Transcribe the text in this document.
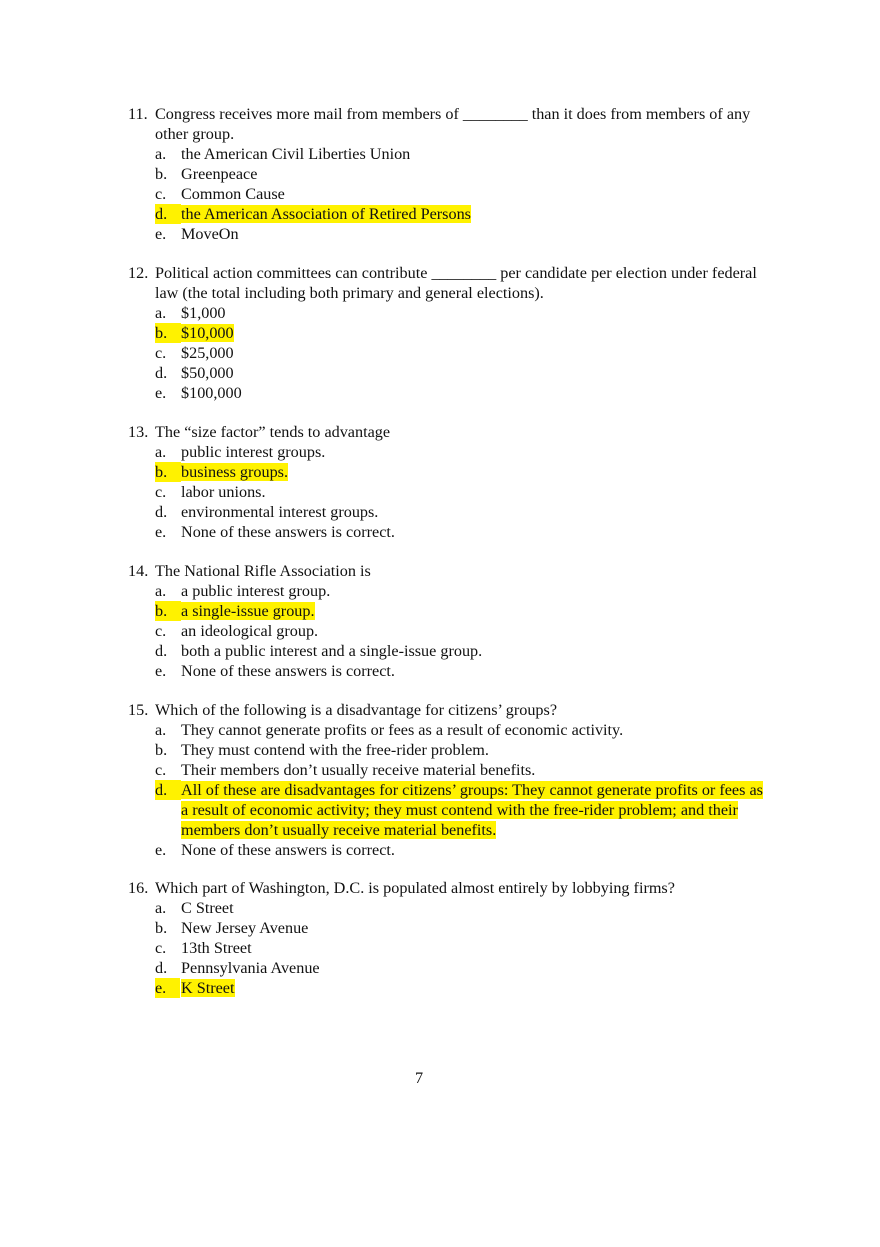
11. Congress receives more mail from members of ________ than it does from members of any other group.

a. the American Civil Liberties Union
b. Greenpeace
c. Common Cause
d. the American Association of Retired Persons
e. MoveOn

12. Political action committees can contribute ________ per candidate per election under federal law (the total including both primary and general elections).

a. $1,000
b. $10,000
c. $25,000
d. $50,000
e. $100,000

13. The “size factor” tends to advantage

a. public interest groups.
b. business groups.
c. labor unions.
d. environmental interest groups.
e. None of these answers is correct.

14. The National Rifle Association is

a. a public interest group.
b. a single-issue group.
c. an ideological group.
d. both a public interest and a single-issue group.
e. None of these answers is correct.

15. Which of the following is a disadvantage for citizens’ groups?

a. They cannot generate profits or fees as a result of economic activity.
b. They must contend with the free-rider problem.
c. Their members don’t usually receive material benefits.
d. All of these are disadvantages for citizens’ groups: They cannot generate profits or fees as a result of economic activity; they must contend with the free-rider problem; and their members don’t usually receive material benefits.
e. None of these answers is correct.

16. Which part of Washington, D.C. is populated almost entirely by lobbying firms?

a. C Street
b. New Jersey Avenue
c. 13th Street
d. Pennsylvania Avenue
e. K Street
7
